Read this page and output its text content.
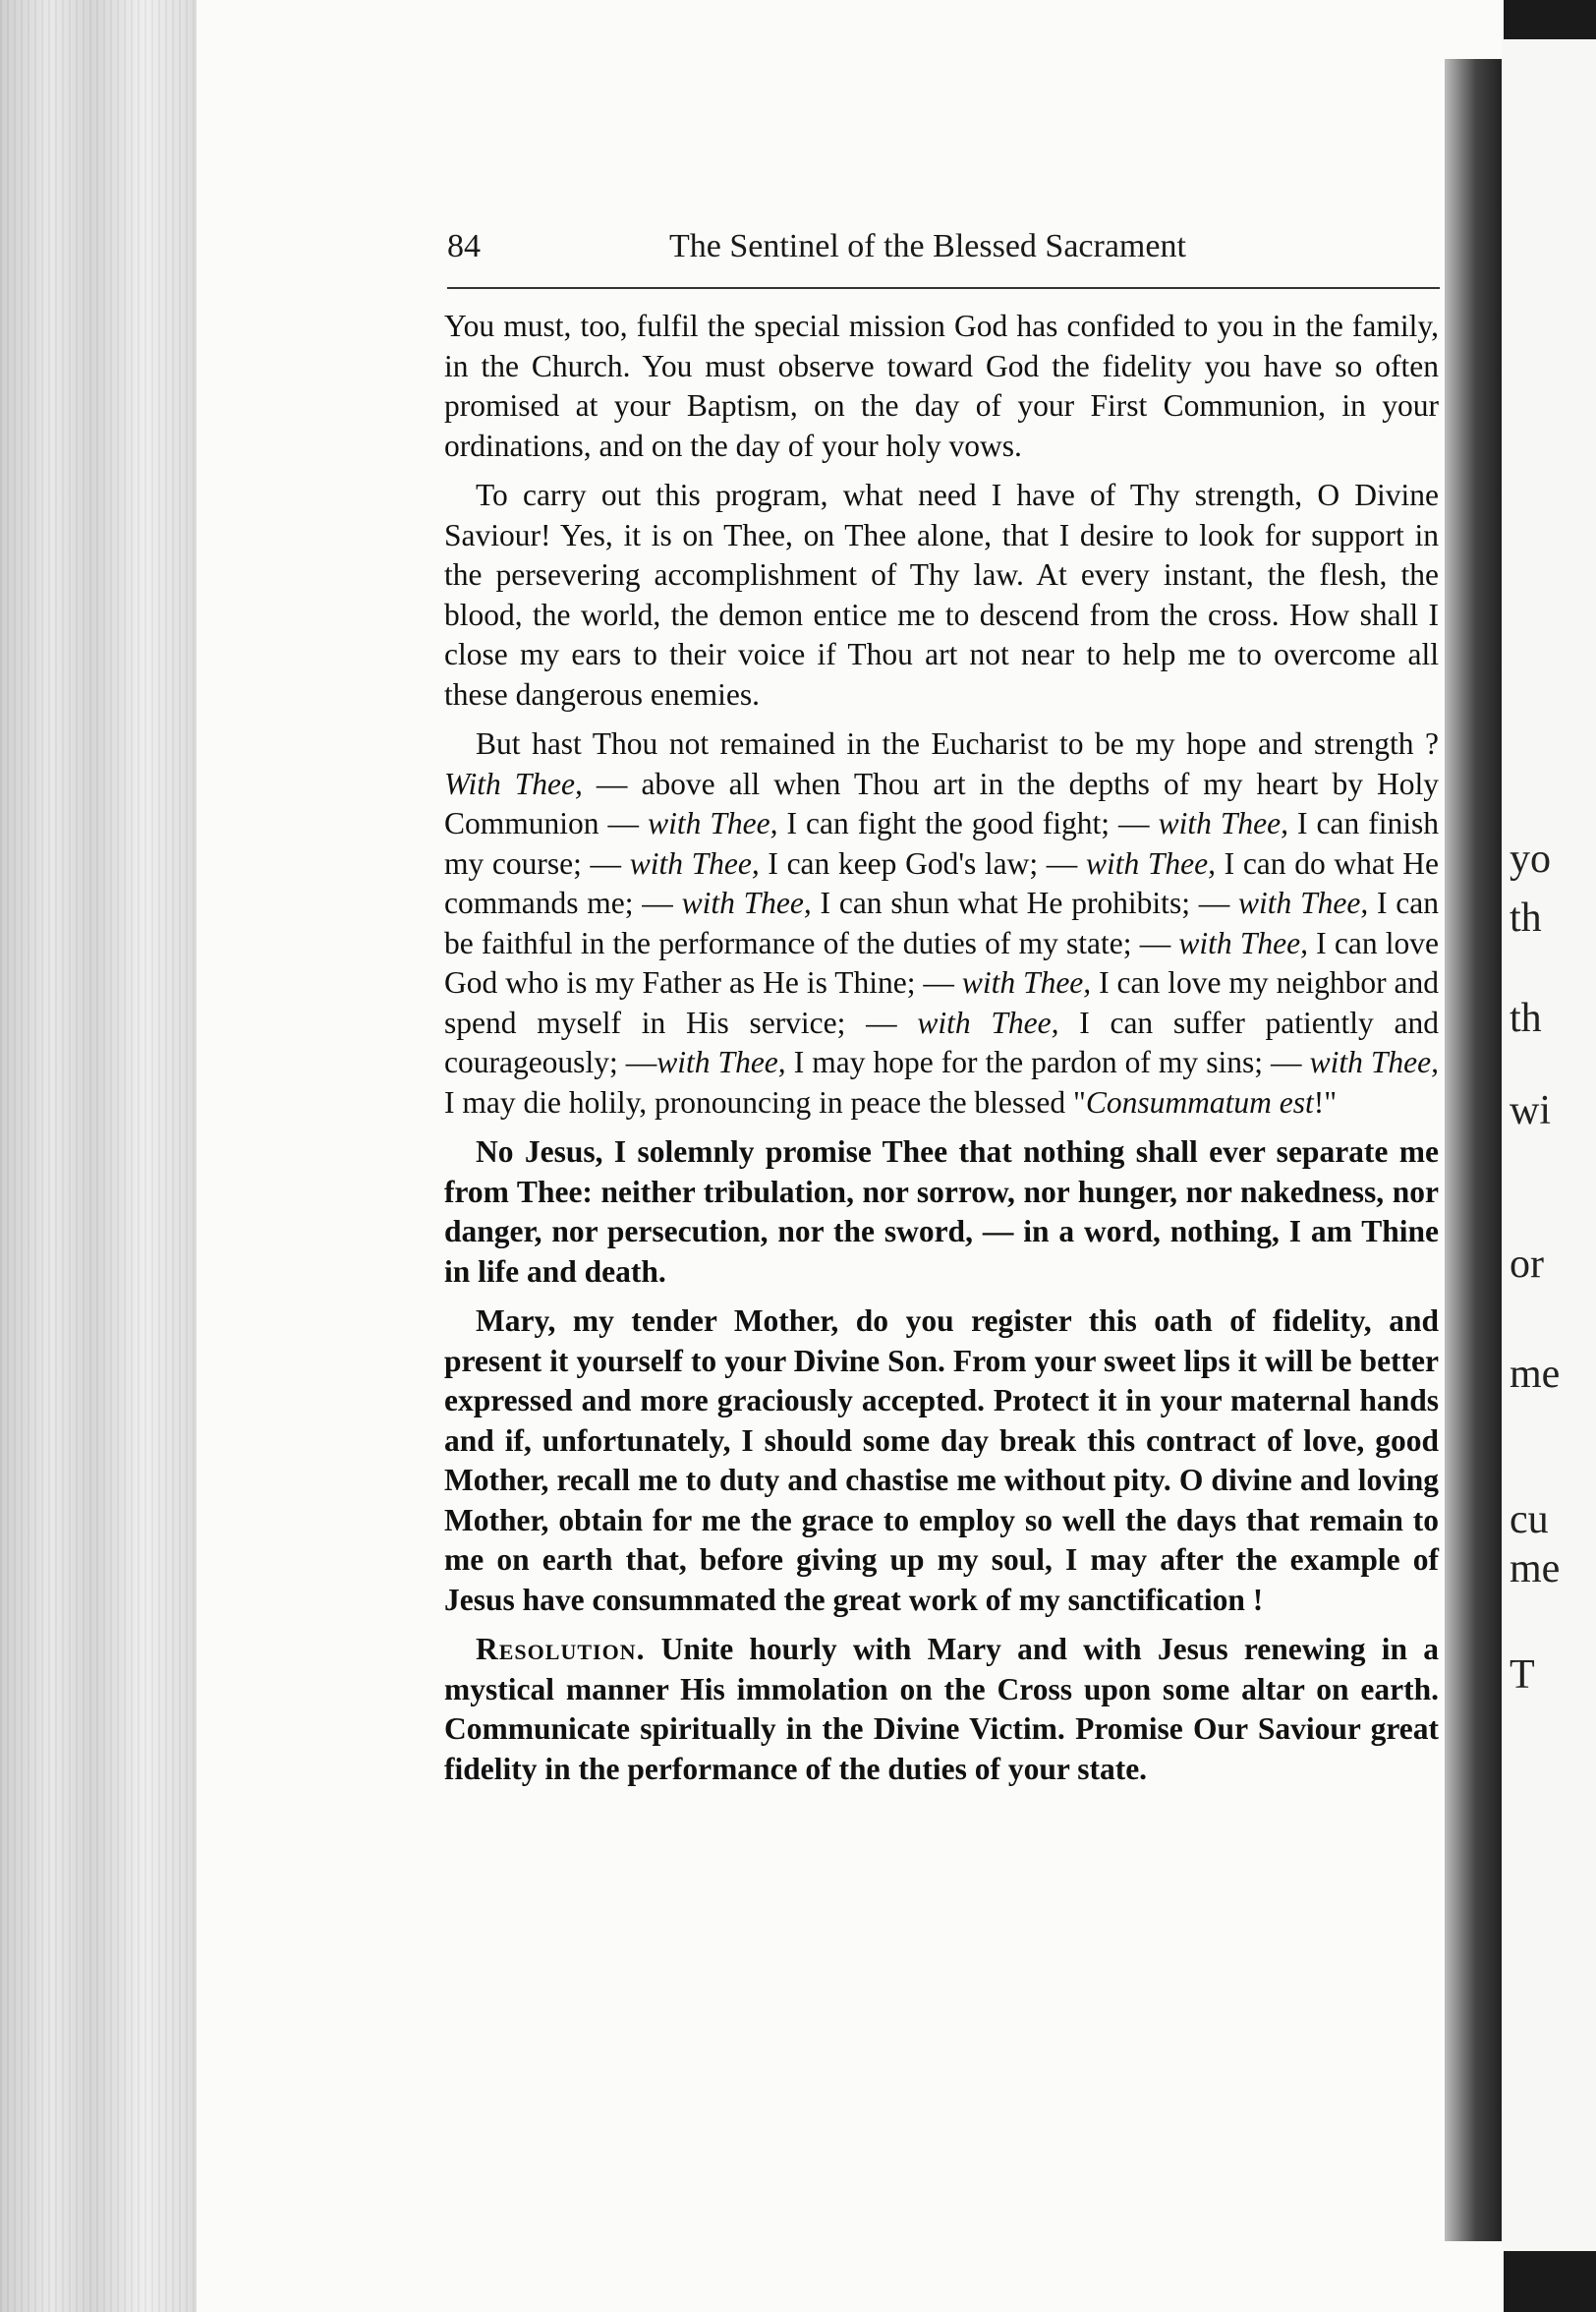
yo
th
th
wi
or
me
cu
me
T
84	The Sentinel of the Blessed Sacrament

You must, too, fulfil the special mission God has confided to you in the family, in the Church. You must observe toward God the fidelity you have so often promised at your Baptism, on the day of your First Communion, in your ordinations, and on the day of your holy vows.

To carry out this program, what need I have of Thy strength, O Divine Saviour! Yes, it is on Thee, on Thee alone, that I desire to look for support in the persevering accomplishment of Thy law. At every instant, the flesh, the blood, the world, the demon entice me to descend from the cross. How shall I close my ears to their voice if Thou art not near to help me to overcome all these dangerous enemies.

But hast Thou not remained in the Eucharist to be my hope and strength ? With Thee, — above all when Thou art in the depths of my heart by Holy Communion — with Thee, I can fight the good fight; — with Thee, I can finish my course; — with Thee, I can keep God's law; — with Thee, I can do what He commands me; — with Thee, I can shun what He prohibits; — with Thee, I can be faithful in the performance of the duties of my state; — with Thee, I can love God who is my Father as He is Thine; — with Thee, I can love my neighbor and spend myself in His service; — with Thee, I can suffer patiently and courageously; —with Thee, I may hope for the pardon of my sins; — with Thee, I may die holily, pronouncing in peace the blessed "Consummatum est!"

No Jesus, I solemnly promise Thee that nothing shall ever separate me from Thee: neither tribulation, nor sorrow, nor hunger, nor nakedness, nor danger, nor persecution, nor the sword, — in a word, nothing, I am Thine in life and death.

Mary, my tender Mother, do you register this oath of fidelity, and present it yourself to your Divine Son. From your sweet lips it will be better expressed and more graciously accepted. Protect it in your maternal hands and if, unfortunately, I should some day break this contract of love, good Mother, recall me to duty and chastise me without pity. O divine and loving Mother, obtain for me the grace to employ so well the days that remain to me on earth that, before giving up my soul, I may after the example of Jesus have consummated the great work of my sanctification !

Resolution. Unite hourly with Mary and with Jesus renewing in a mystical manner His immolation on the Cross upon some altar on earth. Communicate spiritually in the Divine Victim. Promise Our Saviour great fidelity in the performance of the duties of your state.
